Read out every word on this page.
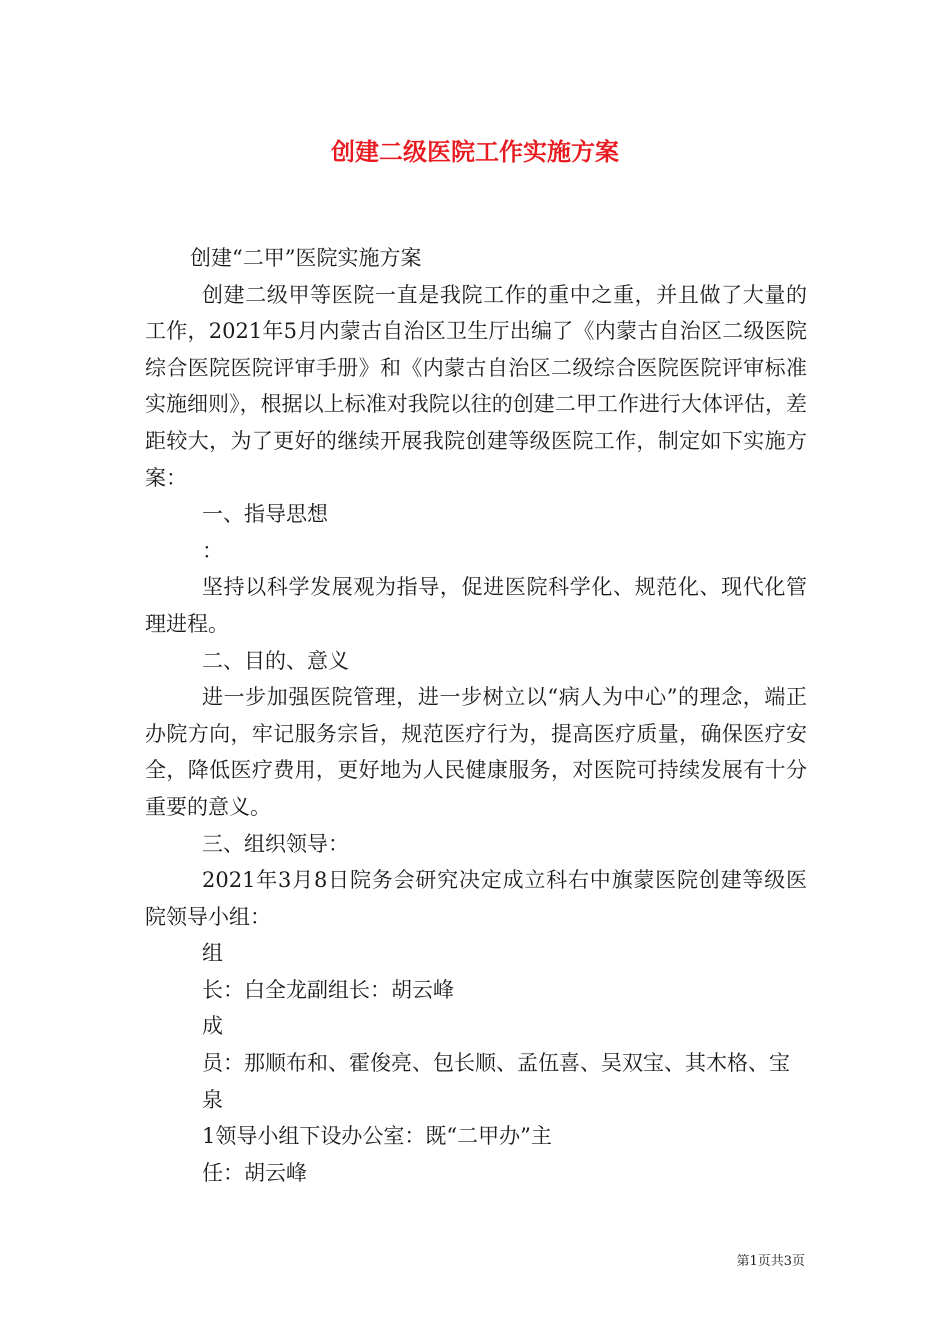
创建二级医院工作实施方案

创建“二甲”医院实施方案

创建二级甲等医院一直是我院工作的重中之重，并且做了大量的工作，2021年5月内蒙古自治区卫生厅出编了《内蒙古自治区二级医院综合医院医院评审手册》和《内蒙古自治区二级综合医院医院评审标准实施细则》，根据以上标准对我院以往的创建二甲工作进行大体评估，差距较大，为了更好的继续开展我院创建等级医院工作，制定如下实施方案：

一、指导思想

：

坚持以科学发展观为指导，促进医院科学化、规范化、现代化管理进程。

二、目的、意义

进一步加强医院管理，进一步树立以“病人为中心”的理念，端正办院方向，牢记服务宗旨，规范医疗行为，提高医疗质量，确保医疗安全，降低医疗费用，更好地为人民健康服务，对医院可持续发展有十分重要的意义。

三、组织领导：

2021年3月8日院务会研究决定成立科右中旗蒙医院创建等级医院领导小组：

组

长：白全龙副组长：胡云峰

成

员：那顺布和、霍俊亮、包长顺、孟伍喜、吴双宝、其木格、宝

泉

1领导小组下设办公室：既“二甲办”主

任：胡云峰

第1页共3页
